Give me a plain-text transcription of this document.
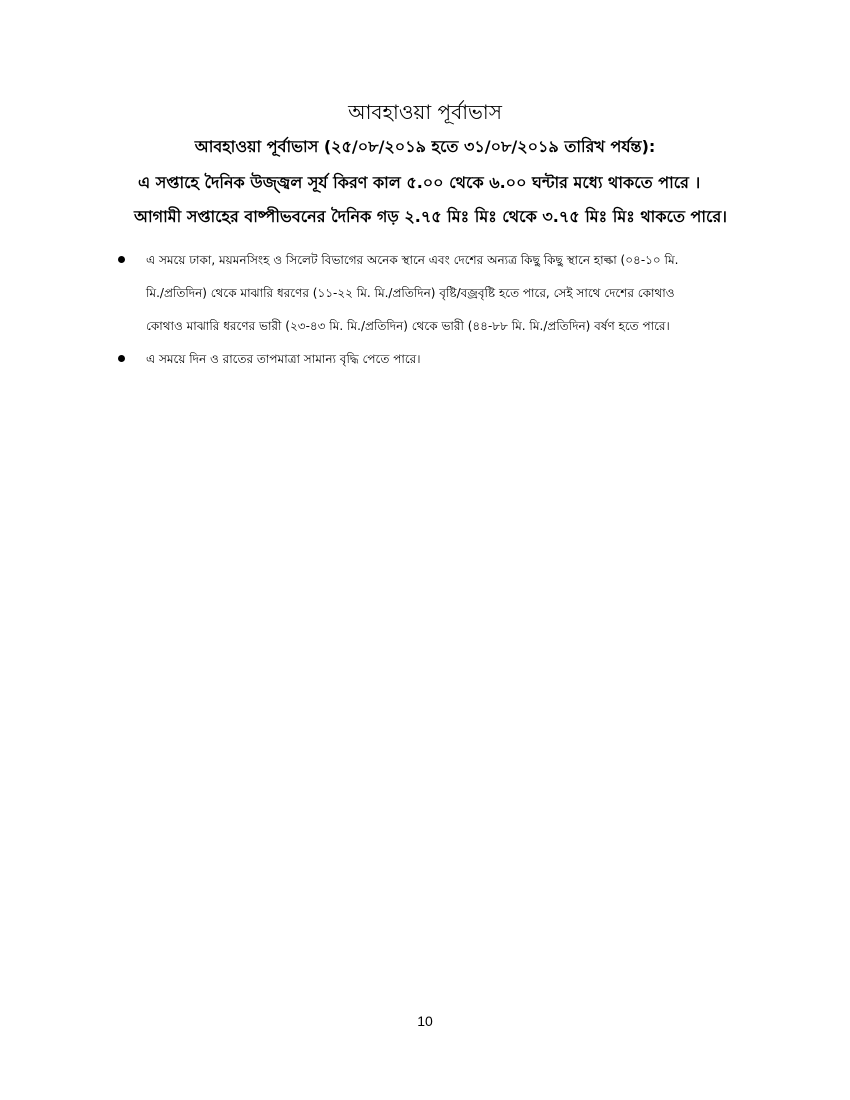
আবহাওয়া পূর্বাভাস
আবহাওয়া পূর্বাভাস (২৫/০৮/২০১৯ হতে ৩১/০৮/২০১৯ তারিখ পর্যন্ত):
এ সপ্তাহে দৈনিক উজ্জ্বল সূর্য কিরণ কাল ৫.০০ থেকে ৬.০০ ঘন্টার মধ্যে থাকতে পারে ।
আগামী সপ্তাহের বাষ্পীভবনের দৈনিক গড় ২.৭৫ মিঃ মিঃ থেকে ৩.৭৫ মিঃ মিঃ থাকতে পারে।
এ সময়ে ঢাকা, ময়মনসিংহ ও সিলেট বিভাগের অনেক স্থানে এবং দেশের অন্যত্র কিছু কিছু স্থানে হাল্কা (০৪-১০ মি.
মি./প্রতিদিন) থেকে মাঝারি ধরণের (১১-২২ মি. মি./প্রতিদিন) বৃষ্টি/বজ্রবৃষ্টি হতে পারে, সেই সাথে দেশের কোথাও
কোথাও মাঝারি ধরণের ভারী (২৩-৪৩ মি. মি./প্রতিদিন) থেকে ভারী (৪৪-৮৮ মি. মি./প্রতিদিন) বর্ষণ হতে পারে।
এ সময়ে দিন ও রাতের তাপমাত্রা সামান্য বৃদ্ধি পেতে পারে।
10
